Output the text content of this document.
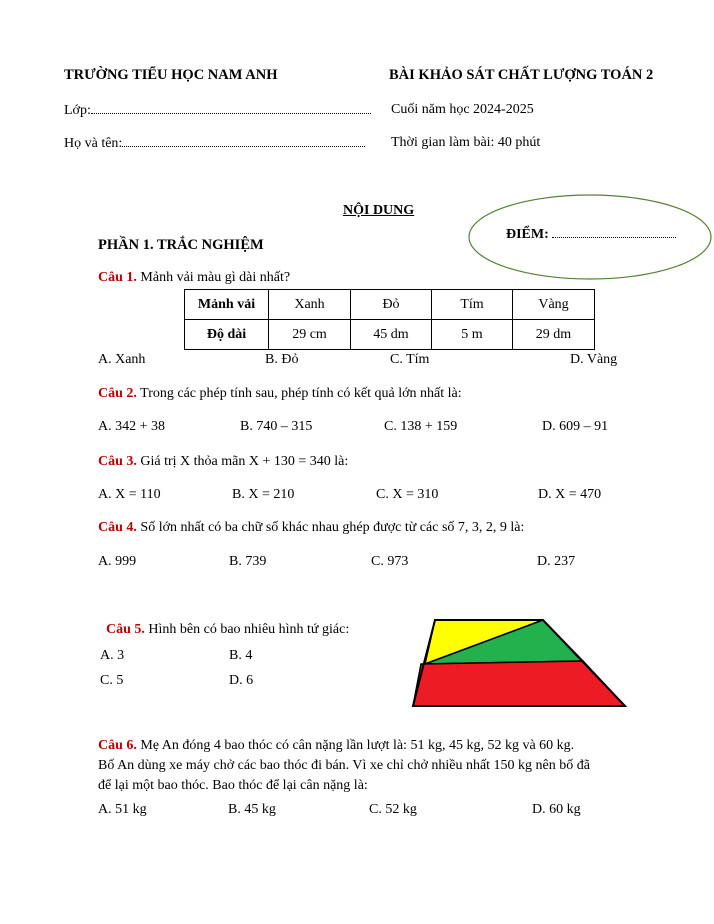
TRƯỜNG TIỂU HỌC NAM ANH	BÀI KHẢO SÁT CHẤT LƯỢNG TOÁN 2
Lớp:	Cuối năm học 2024-2025
Họ và tên:	Thời gian làm bài: 40 phút
NỘI DUNG
ĐIỂM:
PHẦN 1. TRẮC NGHIỆM
Câu 1. Mảnh vải màu gì dài nhất?
Mảnh vải	Xanh	Đỏ	Tím	Vàng
Độ dài	29 cm	45 dm	5 m	29 dm
A. Xanh	B. Đỏ	C. Tím	D. Vàng
Câu 2. Trong các phép tính sau, phép tính có kết quả lớn nhất là:
A. 342 + 38	B. 740 – 315	C. 138 + 159	D. 609 – 91
Câu 3. Giá trị X thỏa mãn X + 130 = 340 là:
A. X = 110	B. X = 210	C. X = 310	D. X = 470
Câu 4. Số lớn nhất có ba chữ số khác nhau ghép được từ các số 7, 3, 2, 9 là:
A. 999	B. 739	C. 973	D. 237
Câu 5. Hình bên có bao nhiêu hình tứ giác:
A. 3	B. 4
C. 5	D. 6
Câu 6. Mẹ An đóng 4 bao thóc có cân nặng lần lượt là: 51 kg, 45 kg, 52 kg và 60 kg.
Bố An dùng xe máy chở các bao thóc đi bán. Vì xe chỉ chở nhiều nhất 150 kg nên bố đã
để lại một bao thóc. Bao thóc để lại cân nặng là:
A. 51 kg	B. 45 kg	C. 52 kg	D. 60 kg
